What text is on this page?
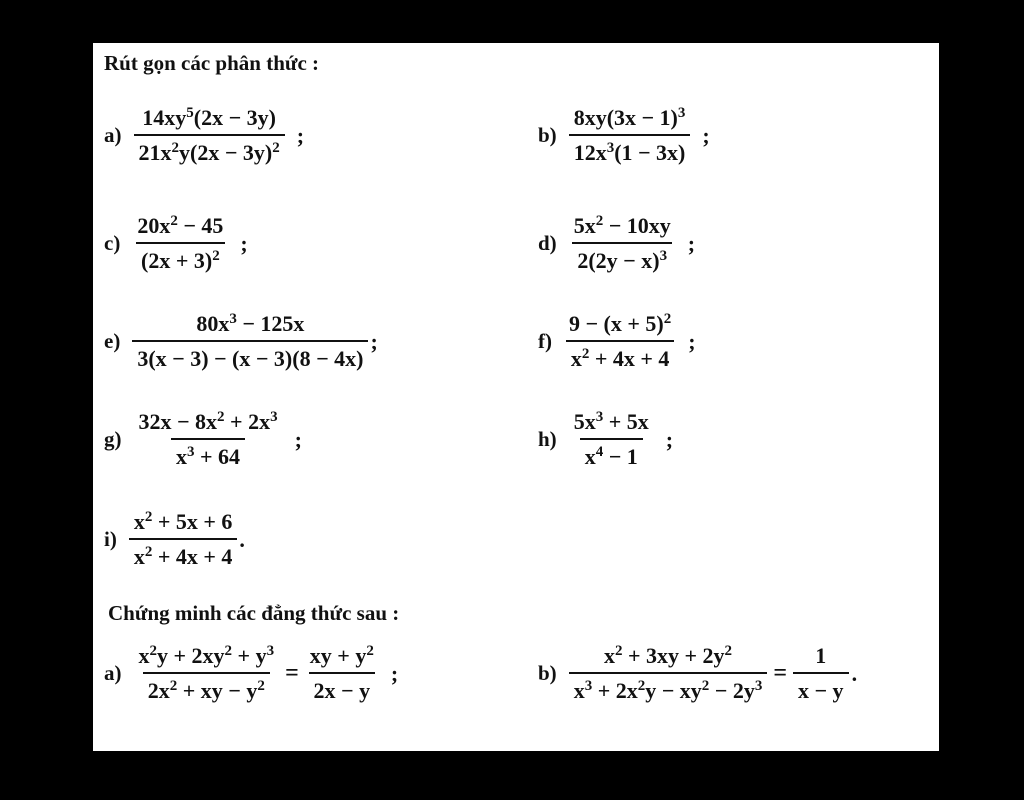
Rút gọn các phân thức :
$a) \frac{14xy^5(2x - 3y)}{21x^2y(2x - 3y)^2}$ ;	$b) \frac{8xy(3x - 1)^3}{12x^3(1 - 3x)}$ ;
$c) \frac{20x^2 - 45}{(2x + 3)^2}$ ;	$d) \frac{5x^2 - 10xy}{2(2y - x)^3}$ ;
$e) \frac{80x^3 - 125x}{3(x - 3) - (x - 3)(8 - 4x)}$ ;	$f) \frac{9 - (x + 5)^2}{x^2 + 4x + 4}$ ;
$g) \frac{32x - 8x^2 + 2x^3}{x^3 + 64}$ ;	$h) \frac{5x^3 + 5x}{x^4 - 1}$ ;
$i) \frac{x^2 + 5x + 6}{x^2 + 4x + 4}$ .
Chứng minh các đẳng thức sau :
$a) \frac{x^2y + 2xy^2 + y^3}{2x^2 + xy - y^2} = \frac{xy + y^2}{2x - y}$ ;	$b) \frac{x^2 + 3xy + 2y^2}{x^3 + 2x^2y - xy^2 - 2y^3} = \frac{1}{x - y}$ .
